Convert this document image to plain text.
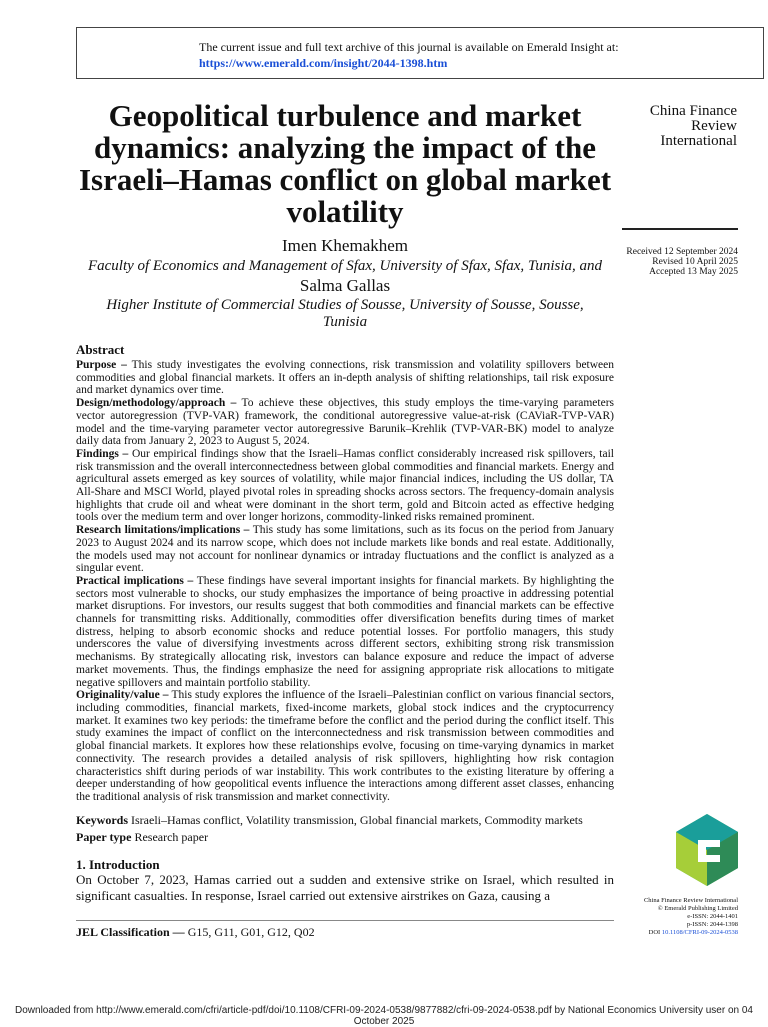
The current issue and full text archive of this journal is available on Emerald Insight at:
https://www.emerald.com/insight/2044-1398.htm
Geopolitical turbulence and market dynamics: analyzing the impact of the Israeli–Hamas conflict on global market volatility
China Finance Review International
Received 12 September 2024
Revised 10 April 2025
Accepted 13 May 2025
Imen Khemakhem
Faculty of Economics and Management of Sfax, University of Sfax, Sfax, Tunisia, and
Salma Gallas
Higher Institute of Commercial Studies of Sousse, University of Sousse, Sousse, Tunisia
Abstract

Purpose – This study investigates the evolving connections, risk transmission and volatility spillovers between commodities and global financial markets. It offers an in-depth analysis of shifting relationships, tail risk exposure and market dynamics over time.

Design/methodology/approach – To achieve these objectives, this study employs the time-varying parameters vector autoregression (TVP-VAR) framework, the conditional autoregressive value-at-risk (CAViaR-TVP-VAR) model and the time-varying parameter vector autoregressive Barunik–Krehlik (TVP-VAR-BK) model to analyze daily data from January 2, 2023 to August 5, 2024.

Findings – Our empirical findings show that the Israeli–Hamas conflict considerably increased risk spillovers, tail risk transmission and the overall interconnectedness between global commodities and financial markets. Energy and agricultural assets emerged as key sources of volatility, while major financial indices, including the US dollar, TA All-Share and MSCI World, played pivotal roles in spreading shocks across sectors. The frequency-domain analysis highlights that crude oil and wheat were dominant in the short term, gold and Bitcoin acted as effective hedging tools over the medium term and over longer horizons, commodity-linked risks remained prominent.

Research limitations/implications – This study has some limitations, such as its focus on the period from January 2023 to August 2024 and its narrow scope, which does not include markets like bonds and real estate. Additionally, the models used may not account for nonlinear dynamics or intraday fluctuations and the conflict is analyzed as a singular event.

Practical implications – These findings have several important insights for financial markets. By highlighting the sectors most vulnerable to shocks, our study emphasizes the importance of being proactive in addressing potential market disruptions. For investors, our results suggest that both commodities and financial markets can be effective channels for transmitting risks. Additionally, commodities offer diversification benefits during times of market distress, helping to absorb economic shocks and reduce potential losses. For portfolio managers, this study underscores the value of diversifying investments across different sectors, exhibiting strong risk transmission mechanisms. By strategically allocating risk, investors can balance exposure and reduce the impact of adverse market movements. Thus, the findings emphasize the need for assigning appropriate risk allocations to mitigate negative spillovers and maintain portfolio stability.

Originality/value – This study explores the influence of the Israeli–Palestinian conflict on various financial sectors, including commodities, financial markets, fixed-income markets, global stock indices and the cryptocurrency market. It examines two key periods: the timeframe before the conflict and the period during the conflict itself. This study examines the impact of conflict on the interconnectedness and risk transmission between commodities and global financial markets. It explores how these relationships evolve, focusing on time-varying dynamics in market connectivity. The research provides a detailed analysis of risk spillovers, highlighting how risk contagion characteristics shift during periods of war instability. This work contributes to the existing literature by offering a deeper understanding of how geopolitical events influence the interactions among different asset classes, enhancing the traditional analysis of risk transmission and market connectivity.

Keywords Israeli–Hamas conflict, Volatility transmission, Global financial markets, Commodity markets
Paper type Research paper
1. Introduction
On October 7, 2023, Hamas carried out a sudden and extensive strike on Israel, which resulted in significant casualties. In response, Israel carried out extensive airstrikes on Gaza, causing a
JEL Classification — G15, G11, G01, G12, Q02
China Finance Review International
© Emerald Publishing Limited
e-ISSN: 2044-1401
p-ISSN: 2044-1398
DOI 10.1108/CFRI-09-2024-0538
Downloaded from http://www.emerald.com/cfri/article-pdf/doi/10.1108/CFRI-09-2024-0538/9877882/cfri-09-2024-0538.pdf by National Economics University user on 04 October 2025
